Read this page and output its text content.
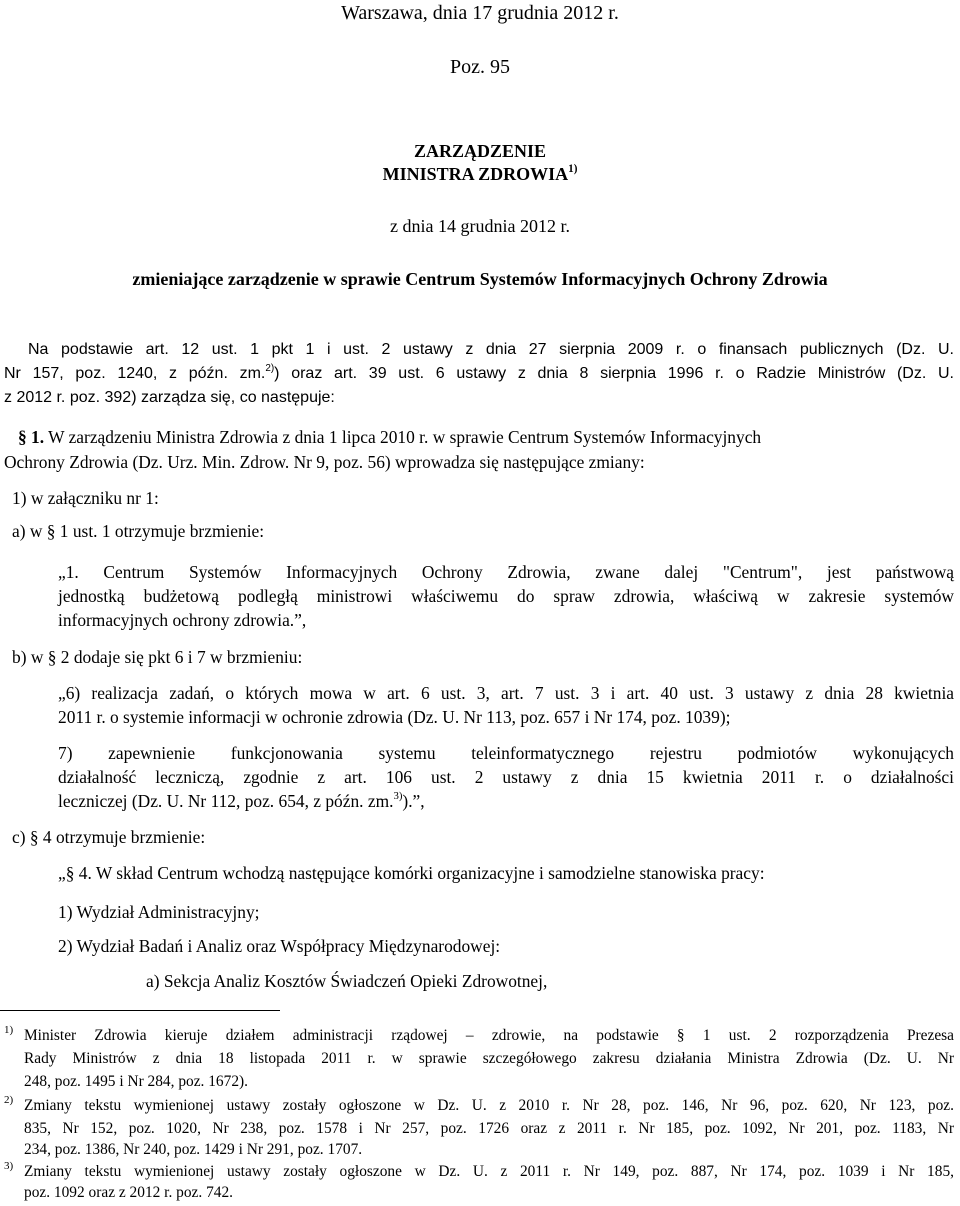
Warszawa, dnia 17 grudnia 2012 r.
Poz. 95
ZARZĄDZENIE
MINISTRA ZDROWIA$^{1)}$
z dnia 14 grudnia 2012 r.
zmieniające zarządzenie w sprawie Centrum Systemów Informacyjnych Ochrony Zdrowia
Na podstawie art. 12 ust. 1 pkt 1 i ust. 2 ustawy z dnia 27 sierpnia 2009 r. o finansach publicznych (Dz. U.
Nr 157, poz. 1240, z późn. zm.$^{2)}$) oraz art. 39 ust. 6 ustawy z dnia 8 sierpnia 1996 r. o Radzie Ministrów (Dz. U.
z 2012 r. poz. 392) zarządza się, co następuje:
§ 1. W zarządzeniu Ministra Zdrowia z dnia 1 lipca 2010 r. w sprawie Centrum Systemów Informacyjnych
Ochrony Zdrowia (Dz. Urz. Min. Zdrow. Nr 9, poz. 56) wprowadza się następujące zmiany:
1) w załączniku nr 1:
a) w § 1 ust. 1 otrzymuje brzmienie:
„1. Centrum Systemów Informacyjnych Ochrony Zdrowia, zwane dalej "Centrum", jest państwową
jednostką budżetową podległą ministrowi właściwemu do spraw zdrowia, właściwą w zakresie systemów
informacyjnych ochrony zdrowia.”,
b) w § 2 dodaje się pkt 6 i 7 w brzmieniu:
„6) realizacja zadań, o których mowa w art. 6 ust. 3, art. 7 ust. 3 i art. 40 ust. 3 ustawy z dnia 28 kwietnia
2011 r. o systemie informacji w ochronie zdrowia (Dz. U. Nr 113, poz. 657 i Nr 174, poz. 1039);
7) zapewnienie funkcjonowania systemu teleinformatycznego rejestru podmiotów wykonujących
działalność leczniczą, zgodnie z art. 106 ust. 2 ustawy z dnia 15 kwietnia 2011 r. o działalności
leczniczej (Dz. U. Nr 112, poz. 654, z późn. zm.$^{3)}$).”,
c) § 4 otrzymuje brzmienie:
„§ 4. W skład Centrum wchodzą następujące komórki organizacyjne i samodzielne stanowiska pracy:
1) Wydział Administracyjny;
2) Wydział Badań i Analiz oraz Współpracy Międzynarodowej:
a) Sekcja Analiz Kosztów Świadczeń Opieki Zdrowotnej,
1) Minister Zdrowia kieruje działem administracji rządowej – zdrowie, na podstawie § 1 ust. 2 rozporządzenia Prezesa
Rady Ministrów z dnia 18 listopada 2011 r. w sprawie szczegółowego zakresu działania Ministra Zdrowia (Dz. U. Nr
248, poz. 1495 i Nr 284, poz. 1672).
2) Zmiany tekstu wymienionej ustawy zostały ogłoszone w Dz. U. z 2010 r. Nr 28, poz. 146, Nr 96, poz. 620, Nr 123, poz.
835, Nr 152, poz. 1020, Nr 238, poz. 1578 i Nr 257, poz. 1726 oraz z 2011 r. Nr 185, poz. 1092, Nr 201, poz. 1183, Nr
234, poz. 1386, Nr 240, poz. 1429 i Nr 291, poz. 1707.
3) Zmiany tekstu wymienionej ustawy zostały ogłoszone w Dz. U. z 2011 r. Nr 149, poz. 887, Nr 174, poz. 1039 i Nr 185,
poz. 1092 oraz z 2012 r. poz. 742.
